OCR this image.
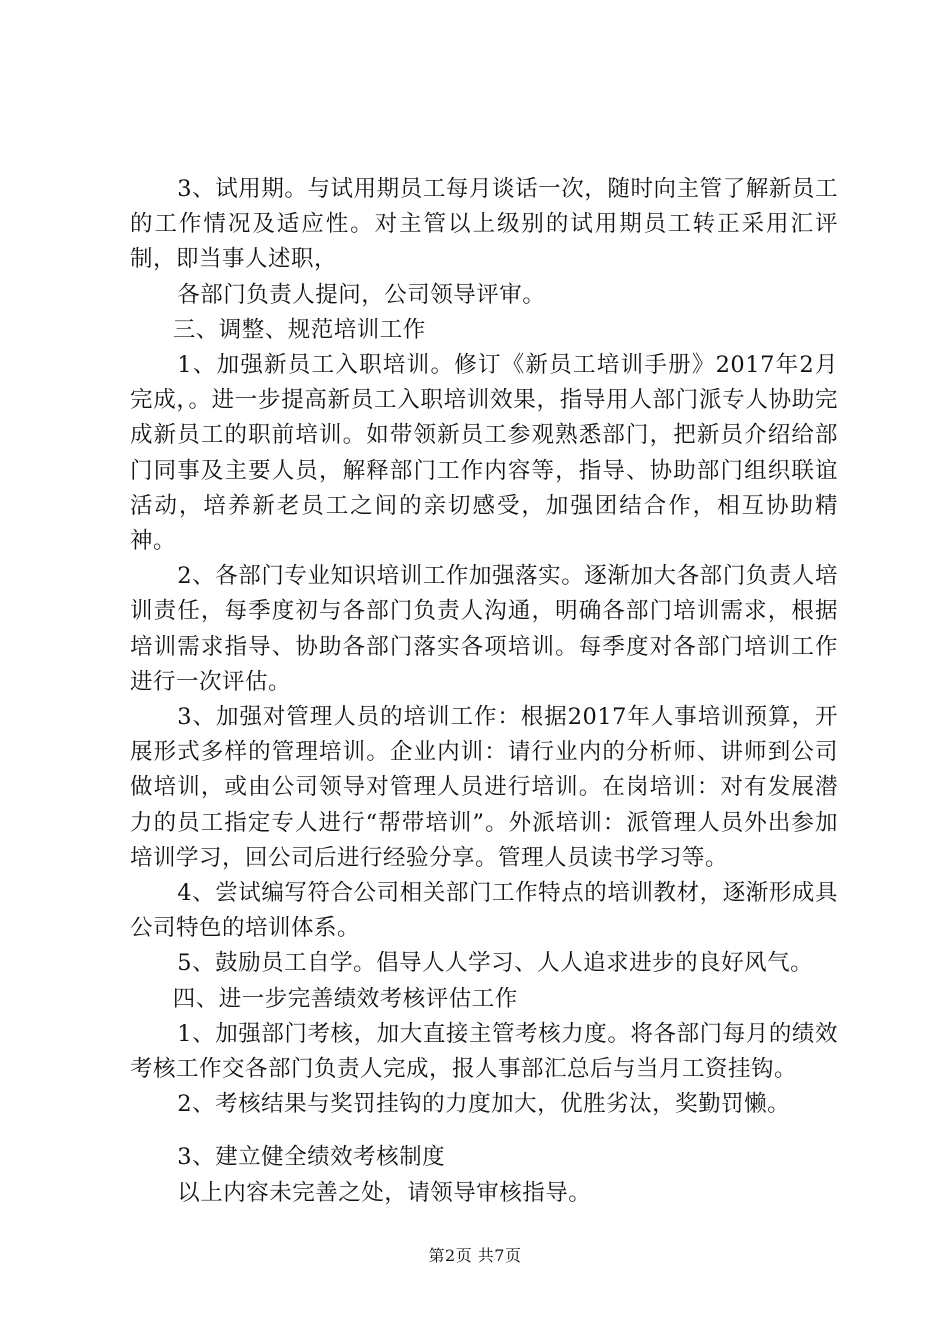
3、试用期。与试用期员工每月谈话一次，随时向主管了解新员工的工作情况及适应性。对主管以上级别的试用期员工转正采用汇评制，即当事人述职，

各部门负责人提问，公司领导评审。

三、调整、规范培训工作

1、加强新员工入职培训。修订《新员工培训手册》2017年2月完成，。进一步提高新员工入职培训效果，指导用人部门派专人协助完成新员工的职前培训。如带领新员工参观熟悉部门，把新员介绍给部门同事及主要人员，解释部门工作内容等，指导、协助部门组织联谊活动，培养新老员工之间的亲切感受，加强团结合作，相互协助精神。

2、各部门专业知识培训工作加强落实。逐渐加大各部门负责人培训责任，每季度初与各部门负责人沟通，明确各部门培训需求，根据培训需求指导、协助各部门落实各项培训。每季度对各部门培训工作进行一次评估。

3、加强对管理人员的培训工作：根据2017年人事培训预算，开展形式多样的管理培训。企业内训：请行业内的分析师、讲师到公司做培训，或由公司领导对管理人员进行培训。在岗培训：对有发展潜力的员工指定专人进行“帮带培训”。外派培训：派管理人员外出参加培训学习，回公司后进行经验分享。管理人员读书学习等。

4、尝试编写符合公司相关部门工作特点的培训教材，逐渐形成具公司特色的培训体系。

5、鼓励员工自学。倡导人人学习、人人追求进步的良好风气。

四、进一步完善绩效考核评估工作

1、加强部门考核，加大直接主管考核力度。将各部门每月的绩效考核工作交各部门负责人完成，报人事部汇总后与当月工资挂钩。

2、考核结果与奖罚挂钩的力度加大，优胜劣汰，奖勤罚懒。

3、建立健全绩效考核制度

以上内容未完善之处，请领导审核指导。

第2页 共7页
